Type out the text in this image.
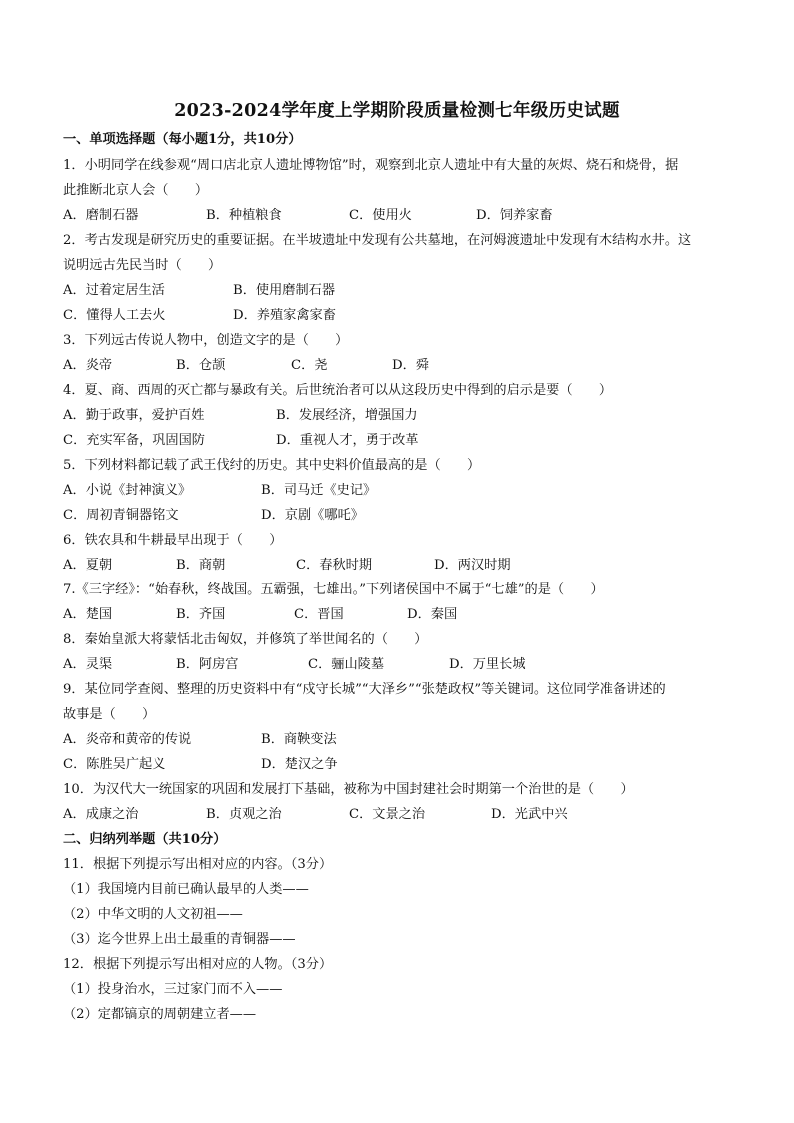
2023-2024学年度上学期阶段质量检测七年级历史试题
一、单项选择题（每小题1分，共10分）
1．小明同学在线参观“周口店北京人遗址博物馆”时，观察到北京人遗址中有大量的灰烬、烧石和烧骨，据
此推断北京人会（　　）
A．磨制石器	B．种植粮食	C．使用火	D．饲养家畜
2．考古发现是研究历史的重要证据。在半坡遗址中发现有公共墓地，在河姆渡遗址中发现有木结构水井。这
说明远古先民当时（　　）
A．过着定居生活	B．使用磨制石器
C．懂得人工去火	D．养殖家禽家畜
3．下列远古传说人物中，创造文字的是（　　）
A．炎帝	B．仓颉	C．尧	D．舜
4．夏、商、西周的灭亡都与暴政有关。后世统治者可以从这段历史中得到的启示是要（　　）
A．勤于政事，爱护百姓	B．发展经济，增强国力
C．充实军备，巩固国防	D．重视人才，勇于改革
5．下列材料都记载了武王伐纣的历史。其中史料价值最高的是（　　）
A．小说《封神演义》	B．司马迁《史记》
C．周初青铜器铭文	D．京剧《哪吒》
6．铁农具和牛耕最早出现于（　　）
A．夏朝	B．商朝	C．春秋时期	D．两汉时期
7.《三字经》：“始春秋，终战国。五霸强，七雄出。”下列诸侯国中不属于“七雄”的是（　　）
A．楚国	B．齐国	C．晋国	D．秦国
8．秦始皇派大将蒙恬北击匈奴，并修筑了举世闻名的（　　）
A．灵渠	B．阿房宫	C．骊山陵墓	D．万里长城
9．某位同学查阅、整理的历史资料中有“戍守长城”“大泽乡”“张楚政权”等关键词。这位同学准备讲述的
故事是（　　）
A．炎帝和黄帝的传说	B．商鞅变法
C．陈胜吴广起义	D．楚汉之争
10．为汉代大一统国家的巩固和发展打下基础，被称为中国封建社会时期第一个治世的是（　　）
A．成康之治	B．贞观之治	C．文景之治	D．光武中兴
二、归纳列举题（共10分）
11．根据下列提示写出相对应的内容。（3分）
（1）我国境内目前已确认最早的人类——
（2）中华文明的人文初祖——
（3）迄今世界上出土最重的青铜器——
12．根据下列提示写出相对应的人物。（3分）
（1）投身治水，三过家门而不入——
（2）定都镐京的周朝建立者——
